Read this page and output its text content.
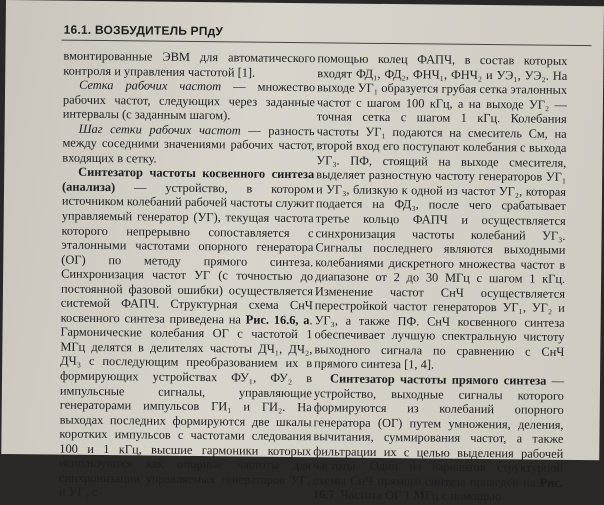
16.1. ВОЗБУДИТЕЛЬ РПдУ

вмонтированные ЭВМ для автоматического контроля и управления частотой [1].

Сетка рабочих частот — множество рабочих частот, следующих через заданные интервалы (с заданным шагом).

Шаг сетки рабочих частот — разность между соседними значениями рабочих частот, входящих в сетку.

Синтезатор частоты косвенного синтеза (анализа) — устройство, в котором источником колебаний рабочей частоты служит управляемый генератор (УГ), текущая частота которого непрерывно сопоставляется с эталонными частотами опорного генератора (ОГ) по методу прямого синтеза. Синхронизация частот УГ (с точностью до постоянной фазовой ошибки) осуществляется системой ФАПЧ. Структурная схема СнЧ косвенного синтеза приведена на Рис. 16.6, а. Гармонические колебания ОГ с частотой 1 МГц делятся в делителях частоты ДЧ₁, ДЧ₂, ДЧ₃ с последующим преобразованием их в формирующих устройствах ФУ₁, ФУ₂ в импульсные сигналы, управляющие генераторами импульсов ГИ₁ и ГИ₂. На выходах последних формируются две шкалы коротких импульсов с частотами следования 100 и 1 кГц, высшие гармоники которых используются как опорные частоты для синхронизации управляемых генераторов УГ₁ и УГ₂ с

помощью колец ФАПЧ, в состав которых входят ФД₁, ФД₂, ФНЧ₁, ФНЧ₂ и УЭ₁, УЭ₂. На выходе УГ₁ образуется грубая сетка эталонных частот с шагом 100 кГц, а на выходе УГ₂ — точная сетка с шагом 1 кГц. Колебания частоты УГ₁ подаются на смеситель См, на второй вход его поступают колебания с выхода УГ₃. ПФ, стоящий на выходе смесителя, выделяет разностную частоту генераторов УГ₁ и УГ₃, близкую к одной из частот УГ₂, которая подается на ФД₃, после чего срабатывает третье кольцо ФАПЧ и осуществляется синхронизация частоты колебаний УГ₃. Сигналы последнего являются выходными колебаниями дискретного множества частот в диапазоне от 2 до 30 МГц с шагом 1 кГц. Изменение частот СнЧ осуществляется перестройкой частот генераторов УГ₁, УГ₂ и УГ₃, а также ПФ. СнЧ косвенного синтеза обеспечивает лучшую спектральную чистоту выходного сигнала по сравнению с СнЧ прямого синтеза [1, 4].

Синтезатор частоты прямого синтеза — устройство, выходные сигналы которого формируются из колебаний опорного генератора (ОГ) путем умножения, деления, вычитания, суммирования частот, а также фильтрации их с целью выделения рабочей частоты. Один из вариантов структурной схемы СнЧ прямого синтеза приведен на Рис. 16.7. Частота ОГ 1 МГц с помощью
